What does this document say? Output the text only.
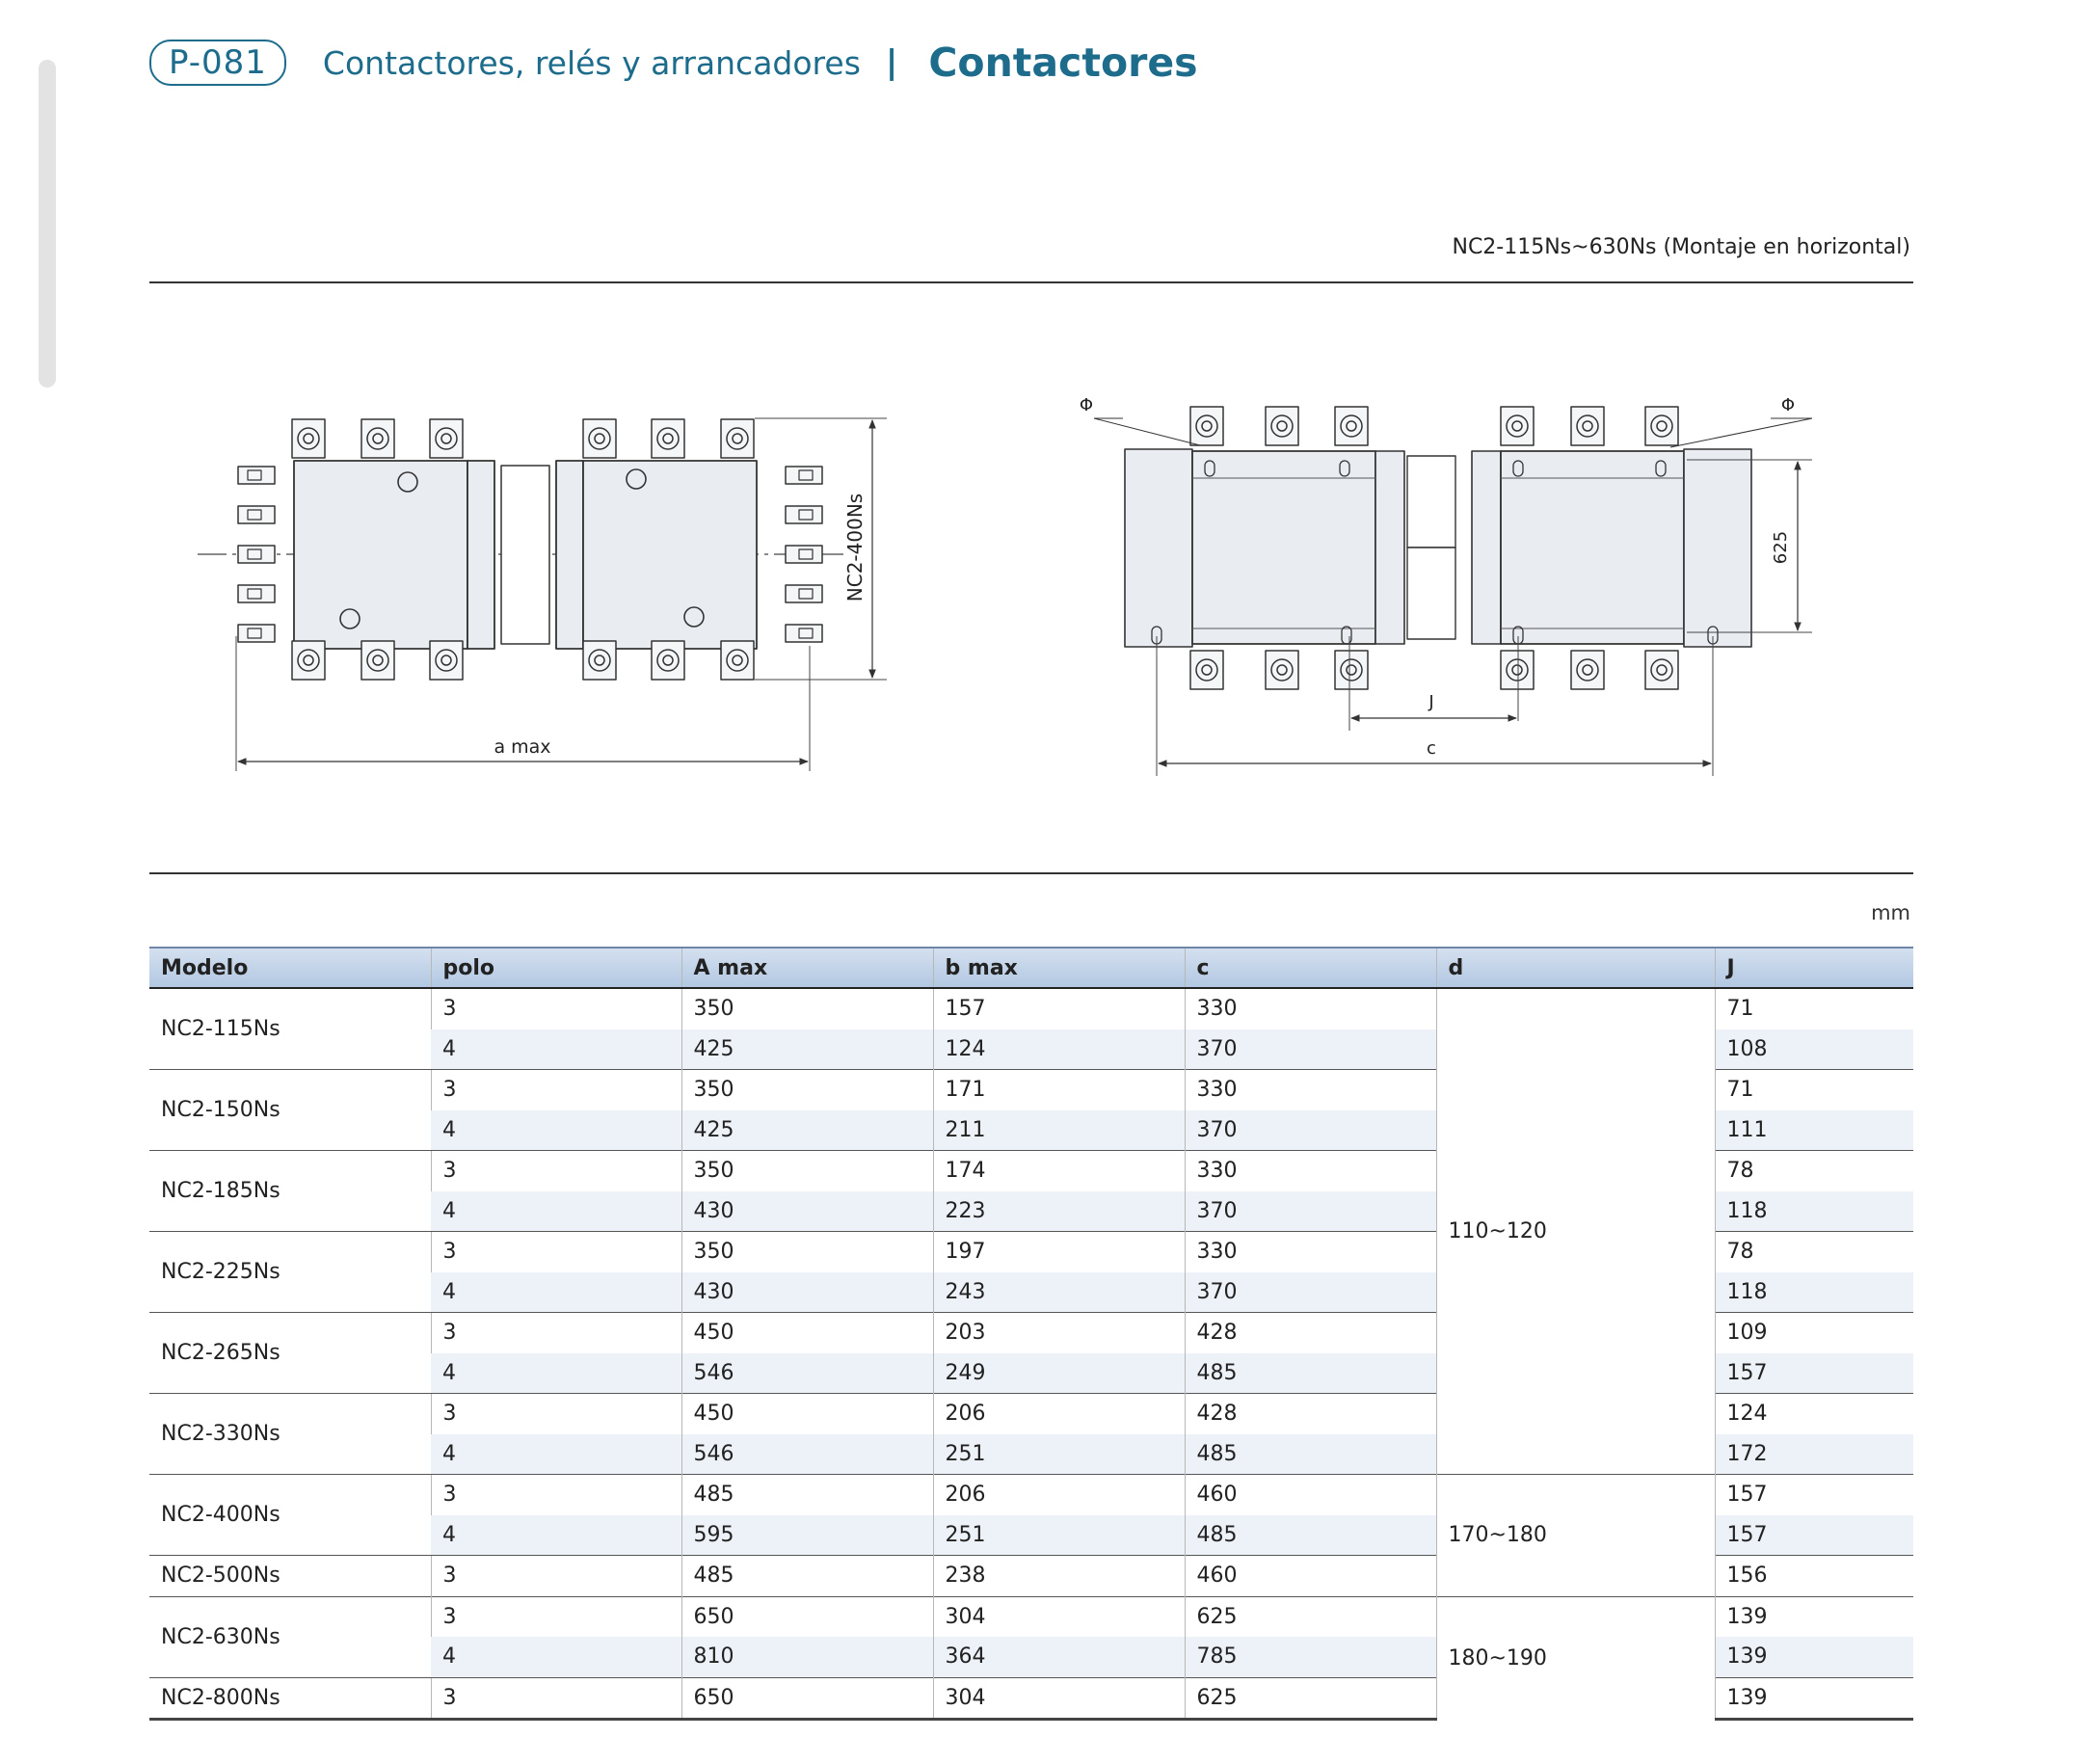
P-081	Contactores, relés y arrancadores | Contactores
NC2-115Ns~630Ns (Montaje en horizontal)
NC2-400Ns
a max
Φ	Φ
625
J
c
mm
Modelo	polo	A max	b max	c	d	J
NC2-115Ns	3	350	157	330	110~120	71
	4	425	124	370		108
NC2-150Ns	3	350	171	330		71
	4	425	211	370		111
NC2-185Ns	3	350	174	330		78
	4	430	223	370		118
NC2-225Ns	3	350	197	330		78
	4	430	243	370		118
NC2-265Ns	3	450	203	428		109
	4	546	249	485		157
NC2-330Ns	3	450	206	428		124
	4	546	251	485		172
NC2-400Ns	3	485	206	460	170~180	157
	4	595	251	485		157
NC2-500Ns	3	485	238	460		156
NC2-630Ns	3	650	304	625	180~190	139
	4	810	364	785		139
NC2-800Ns	3	650	304	625		139
